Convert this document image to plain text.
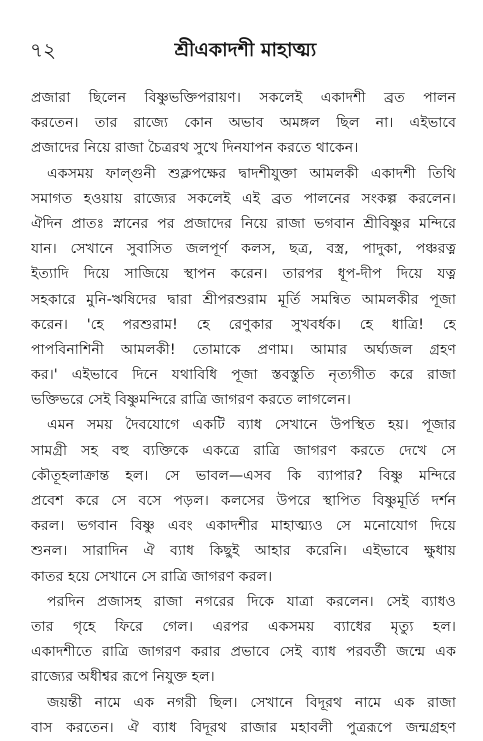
৭২	শ্রীএকাদশী মাহাত্ম্য
প্রজারা ছিলেন বিষ্ণুভক্তিপরায়ণ। সকলেই একাদশী ব্রত পালন
করতেন। তার রাজ্যে কোন অভাব অমঙ্গল ছিল না। এইভাবে
প্রজাদের নিয়ে রাজা চৈত্ররথ সুখে দিনযাপন করতে থাকেন।
একসময় ফাল্গুনী শুক্লপক্ষের দ্বাদশীযুক্তা আমলকী একাদশী তিথি
সমাগত হওয়ায় রাজ্যের সকলেই এই ব্রত পালনের সংকল্প করলেন।
ঐদিন প্রাতঃ স্নানের পর প্রজাদের নিয়ে রাজা ভগবান শ্রীবিষ্ণুর মন্দিরে
যান। সেখানে সুবাসিত জলপূর্ণ কলস, ছত্র, বস্ত্র, পাদুকা, পঞ্চরত্ন
ইত্যাদি দিয়ে সাজিয়ে স্থাপন করেন। তারপর ধূপ-দীপ দিয়ে যত্ন
সহকারে মুনি-ঋষিদের দ্বারা শ্রীপরশুরাম মূর্তি সমন্বিত আমলকীর পূজা
করেন। 'হে পরশুরাম! হে রেণুকার সুখবর্ধক। হে ধাত্রি! হে
পাপবিনাশিনী আমলকী! তোমাকে প্রণাম। আমার অর্ঘ্যজল গ্রহণ
কর।' এইভাবে দিনে যথাবিধি পূজা স্তবস্তুতি নৃত্যগীত করে রাজা
ভক্তিভরে সেই বিষ্ণুমন্দিরে রাত্রি জাগরণ করতে লাগলেন।
এমন সময় দৈবযোগে একটি ব্যাধ সেখানে উপস্থিত হয়। পূজার
সামগ্রী সহ বহু ব্যক্তিকে একত্রে রাত্রি জাগরণ করতে দেখে সে
কৌতূহলাক্রান্ত হল। সে ভাবল—এসব কি ব্যাপার? বিষ্ণু মন্দিরে
প্রবেশ করে সে বসে পড়ল। কলসের উপরে স্থাপিত বিষ্ণুমূর্তি দর্শন
করল। ভগবান বিষ্ণু এবং একাদশীর মাহাত্ম্যও সে মনোযোগ দিয়ে
শুনল। সারাদিন ঐ ব্যাধ কিছুই আহার করেনি। এইভাবে ক্ষুধায়
কাতর হয়ে সেখানে সে রাত্রি জাগরণ করল।
পরদিন প্রজাসহ রাজা নগরের দিকে যাত্রা করলেন। সেই ব্যাধও
তার গৃহে ফিরে গেল। এরপর একসময় ব্যাধের মৃত্যু হল।
একাদশীতে রাত্রি জাগরণ করার প্রভাবে সেই ব্যাধ পরবর্তী জন্মে এক
রাজ্যের অধীশ্বর রূপে নিযুক্ত হল।
জয়ন্তী নামে এক নগরী ছিল। সেখানে বিদূরথ নামে এক রাজা
বাস করতেন। ঐ ব্যাধ বিদূরথ রাজার মহাবলী পুত্ররূপে জন্মগ্রহণ
